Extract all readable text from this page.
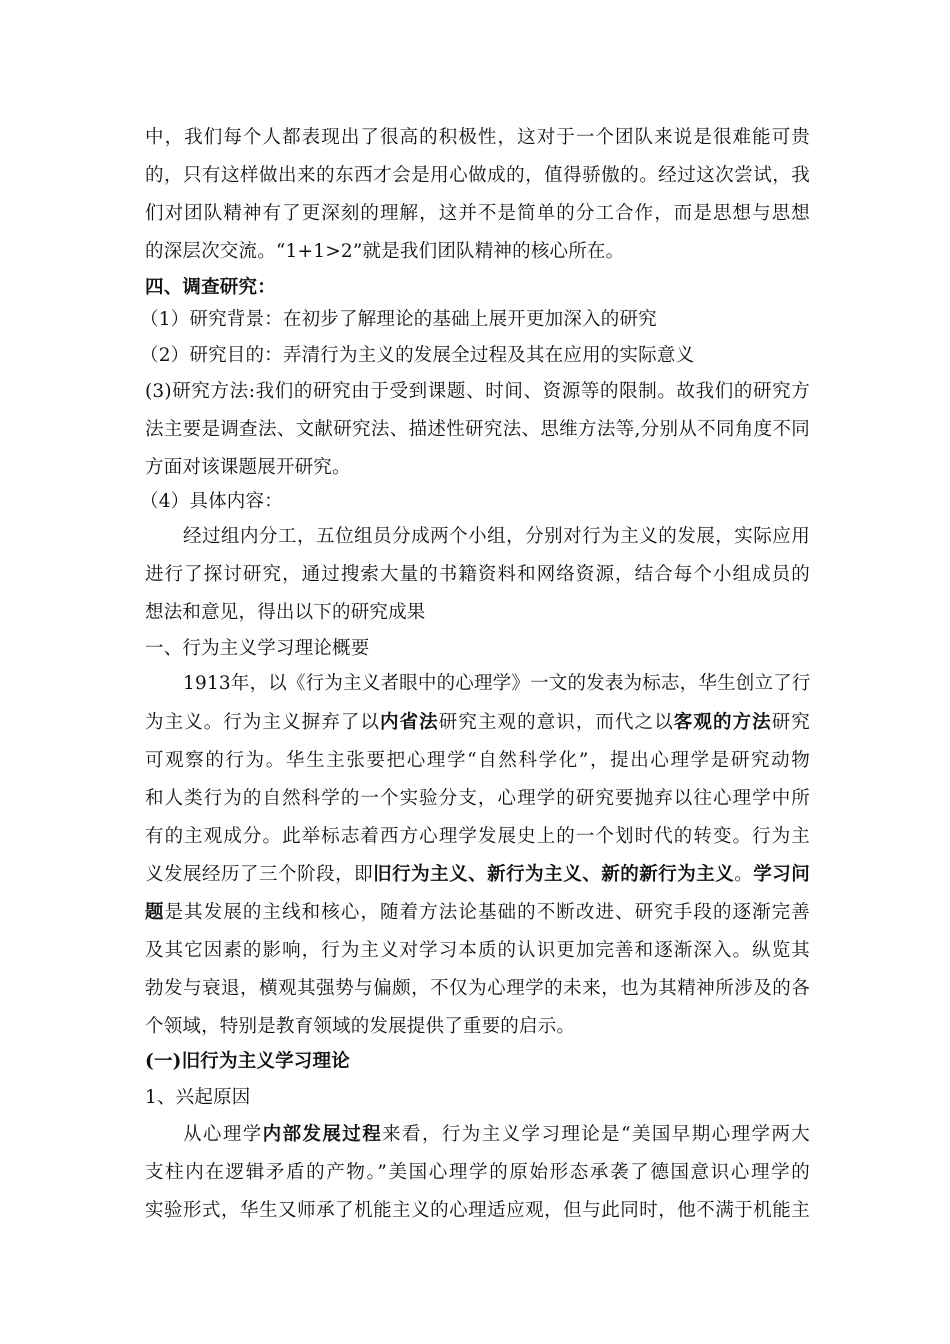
中，我们每个人都表现出了很高的积极性，这对于一个团队来说是很难能可贵
的，只有这样做出来的东西才会是用心做成的，值得骄傲的。经过这次尝试，我
们对团队精神有了更深刻的理解，这并不是简单的分工合作，而是思想与思想
的深层次交流。“1+1>2”就是我们团队精神的核心所在。
四、调查研究：
（1）研究背景：在初步了解理论的基础上展开更加深入的研究
（2）研究目的：弄清行为主义的发展全过程及其在应用的实际意义
(3)研究方法:我们的研究由于受到课题、时间、资源等的限制。故我们的研究方
法主要是调查法、文献研究法、描述性研究法、思维方法等,分别从不同角度不同
方面对该课题展开研究。
（4）具体内容：
经过组内分工，五位组员分成两个小组，分别对行为主义的发展，实际应用
进行了探讨研究，通过搜索大量的书籍资料和网络资源，结合每个小组成员的
想法和意见，得出以下的研究成果
一、行为主义学习理论概要
1913年，以《行为主义者眼中的心理学》一文的发表为标志，华生创立了行
为主义。行为主义摒弃了以内省法研究主观的意识，而代之以客观的方法研究
可观察的行为。华生主张要把心理学“自然科学化”，提出心理学是研究动物
和人类行为的自然科学的一个实验分支，心理学的研究要抛弃以往心理学中所
有的主观成分。此举标志着西方心理学发展史上的一个划时代的转变。行为主
义发展经历了三个阶段，即旧行为主义、新行为主义、新的新行为主义。学习问
题是其发展的主线和核心，随着方法论基础的不断改进、研究手段的逐渐完善
及其它因素的影响，行为主义对学习本质的认识更加完善和逐渐深入。纵览其
勃发与衰退，横观其强势与偏颇，不仅为心理学的未来，也为其精神所涉及的各
个领域，特别是教育领域的发展提供了重要的启示。
(一)旧行为主义学习理论
1、兴起原因
从心理学内部发展过程来看，行为主义学习理论是“美国早期心理学两大
支柱内在逻辑矛盾的产物。”美国心理学的原始形态承袭了德国意识心理学的
实验形式，华生又师承了机能主义的心理适应观，但与此同时，他不满于机能主
